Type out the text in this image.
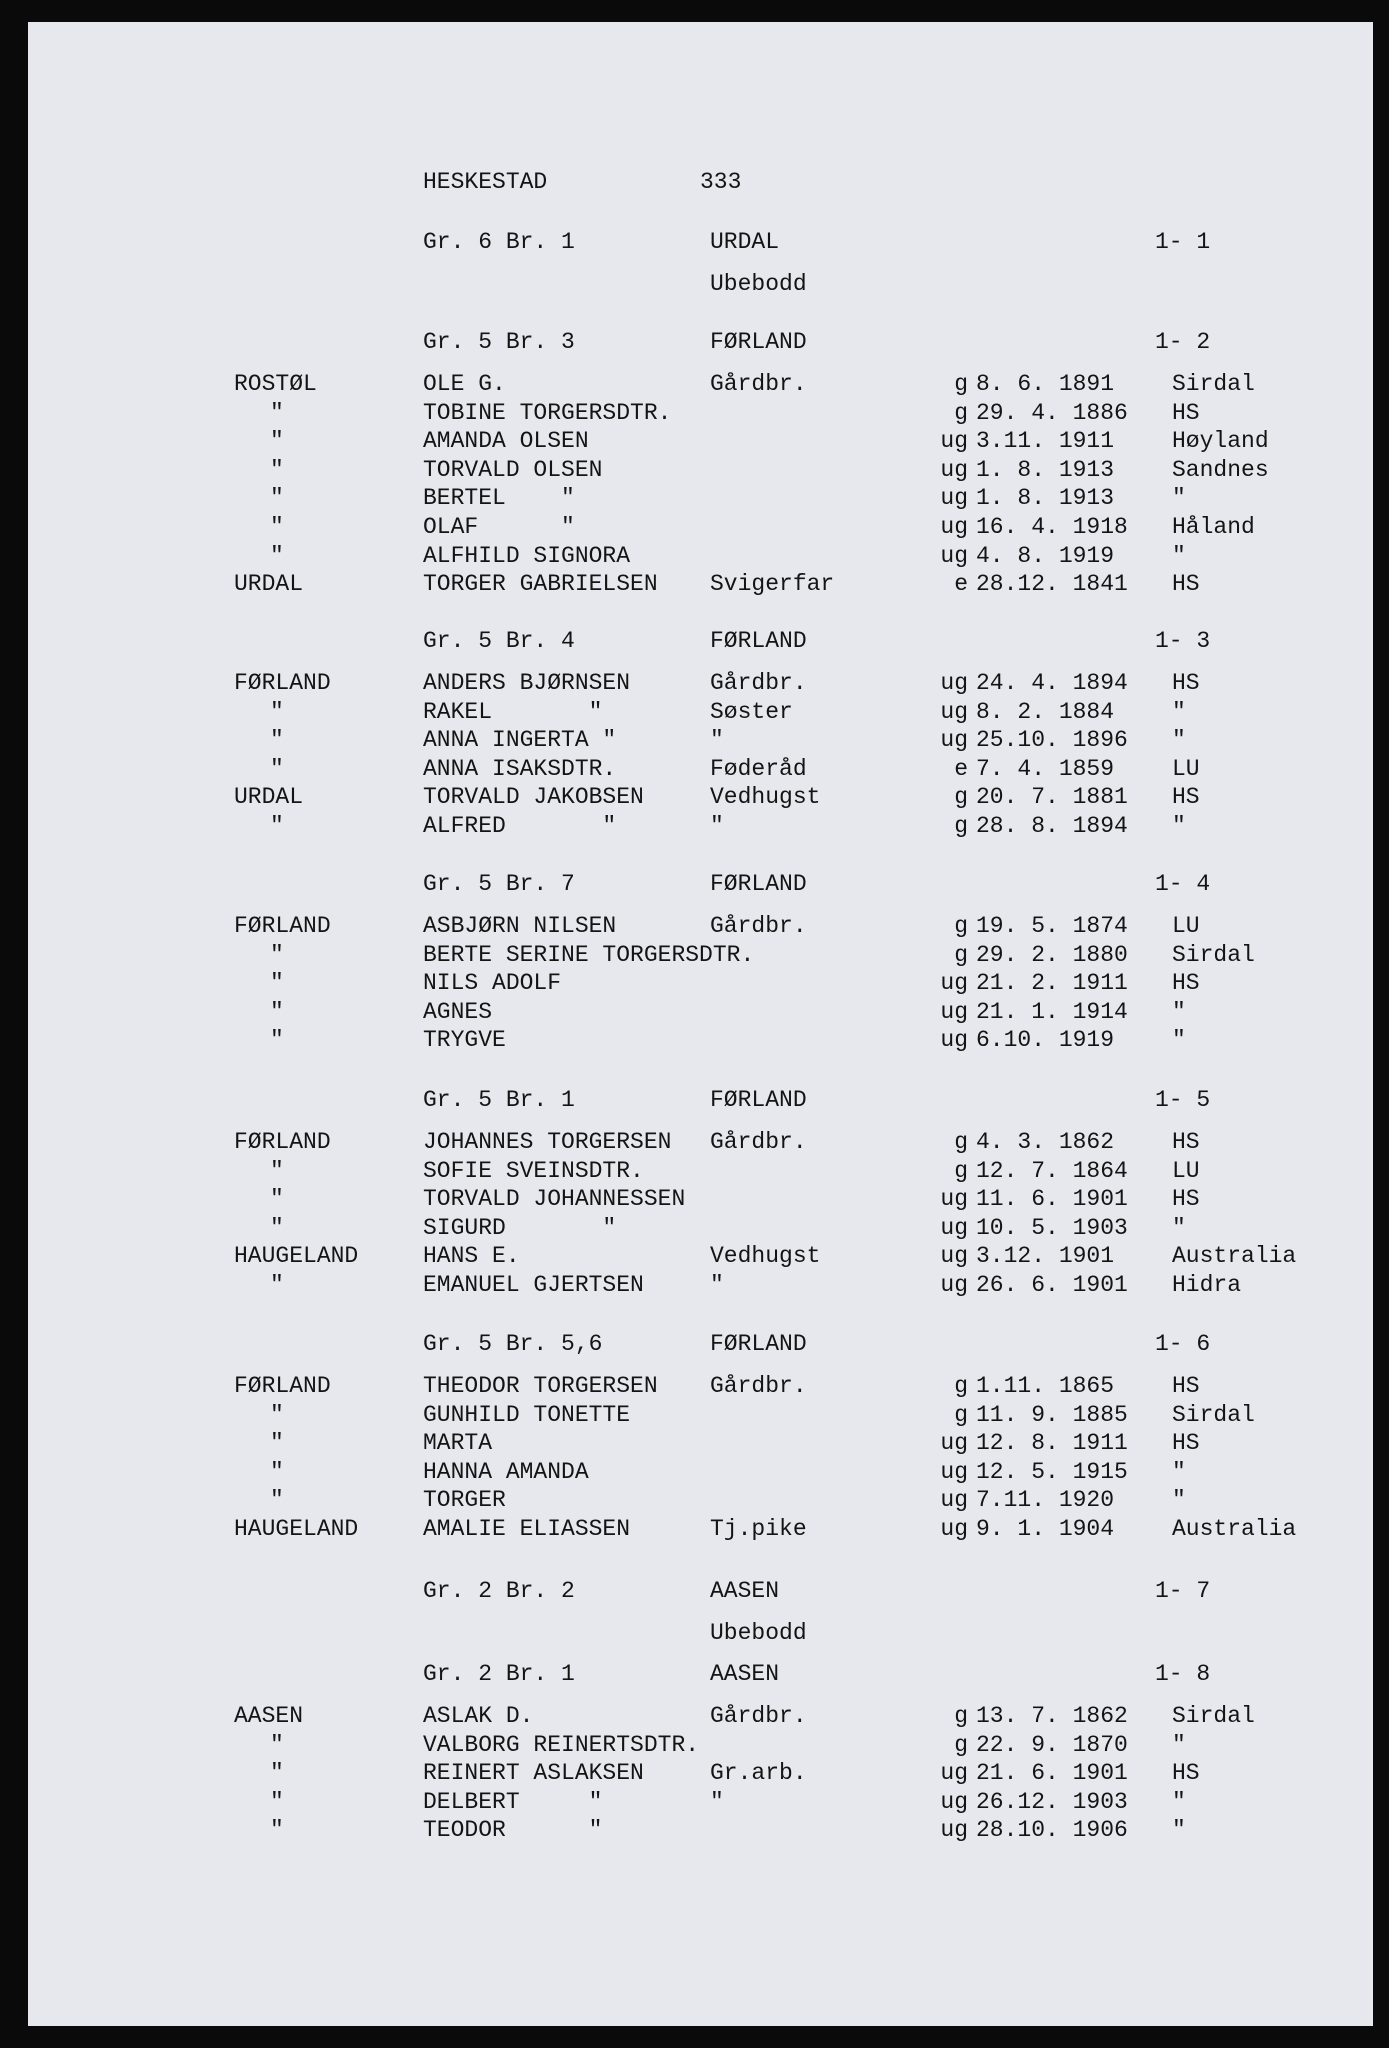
HESKESTAD	333
Gr. 6 Br. 1	URDAL	1- 1
Ubebodd
Gr. 5 Br. 3	FØRLAND	1- 2
ROSTØL	OLE G.	Gårdbr.	g 8. 6. 1891	Sirdal
"	TOBINE TORGERSDTR.	g 29. 4. 1886 HS
"	AMANDA OLSEN	ug 3.11. 1911	Høyland
"	TORVALD OLSEN	ug 1. 8. 1913	Sandnes
"	BERTEL    "	ug 1. 8. 1913	"
"	OLAF      "	ug 16. 4. 1918 Håland
"	ALFHILD SIGNORA	ug 4. 8. 1919	"
URDAL	TORGER GABRIELSEN Svigerfar	e 28.12. 1841 HS
Gr. 5 Br. 4	FØRLAND	1- 3
FØRLAND	ANDERS BJØRNSEN	Gårdbr.	ug 24. 4. 1894 HS
"	RAKEL       "	Søster	ug 8. 2. 1884	"
"	ANNA INGERTA "	"	ug 25.10. 1896 "
"	ANNA ISAKSDTR.	Føderåd	e 7. 4. 1859	LU
URDAL	TORVALD JAKOBSEN	Vedhugst	g 20. 7. 1881 HS
"	ALFRED       "	"	g 28. 8. 1894 "
Gr. 5 Br. 7	FØRLAND	1- 4
FØRLAND	ASBJØRN NILSEN	Gårdbr.	g 19. 5. 1874 LU
"	BERTE SERINE TORGERSDTR.	g 29. 2. 1880 Sirdal
"	NILS ADOLF	ug 21. 2. 1911 HS
"	AGNES	ug 21. 1. 1914 "
"	TRYGVE	ug 6.10. 1919	"
Gr. 5 Br. 1	FØRLAND	1- 5
FØRLAND	JOHANNES TORGERSEN Gårdbr.	g 4. 3. 1862	HS
"	SOFIE SVEINSDTR.	g 12. 7. 1864 LU
"	TORVALD JOHANNESSEN	ug 11. 6. 1901 HS
"	SIGURD       "	ug 10. 5. 1903 "
HAUGELAND	HANS E.	Vedhugst	ug 3.12. 1901	Australia
"	EMANUEL GJERTSEN	"	ug 26. 6. 1901 Hidra
Gr. 5 Br. 5,6	FØRLAND	1- 6
FØRLAND	THEODOR TORGERSEN Gårdbr.	g 1.11. 1865	HS
"	GUNHILD TONETTE	g 11. 9. 1885 Sirdal
"	MARTA	ug 12. 8. 1911 HS
"	HANNA AMANDA	ug 12. 5. 1915 "
"	TORGER	ug 7.11. 1920	"
HAUGELAND	AMALIE ELIASSEN	Tj.pike	ug 9. 1. 1904	Australia
Gr. 2 Br. 2	AASEN	1- 7
Ubebodd
Gr. 2 Br. 1	AASEN	1- 8
AASEN	ASLAK D.	Gårdbr.	g 13. 7. 1862 Sirdal
"	VALBORG REINERTSDTR.	g 22. 9. 1870 "
"	REINERT ASLAKSEN	Gr.arb.	ug 21. 6. 1901 HS
"	DELBERT     "	"	ug 26.12. 1903 "
"	TEODOR      "	ug 28.10. 1906 "
